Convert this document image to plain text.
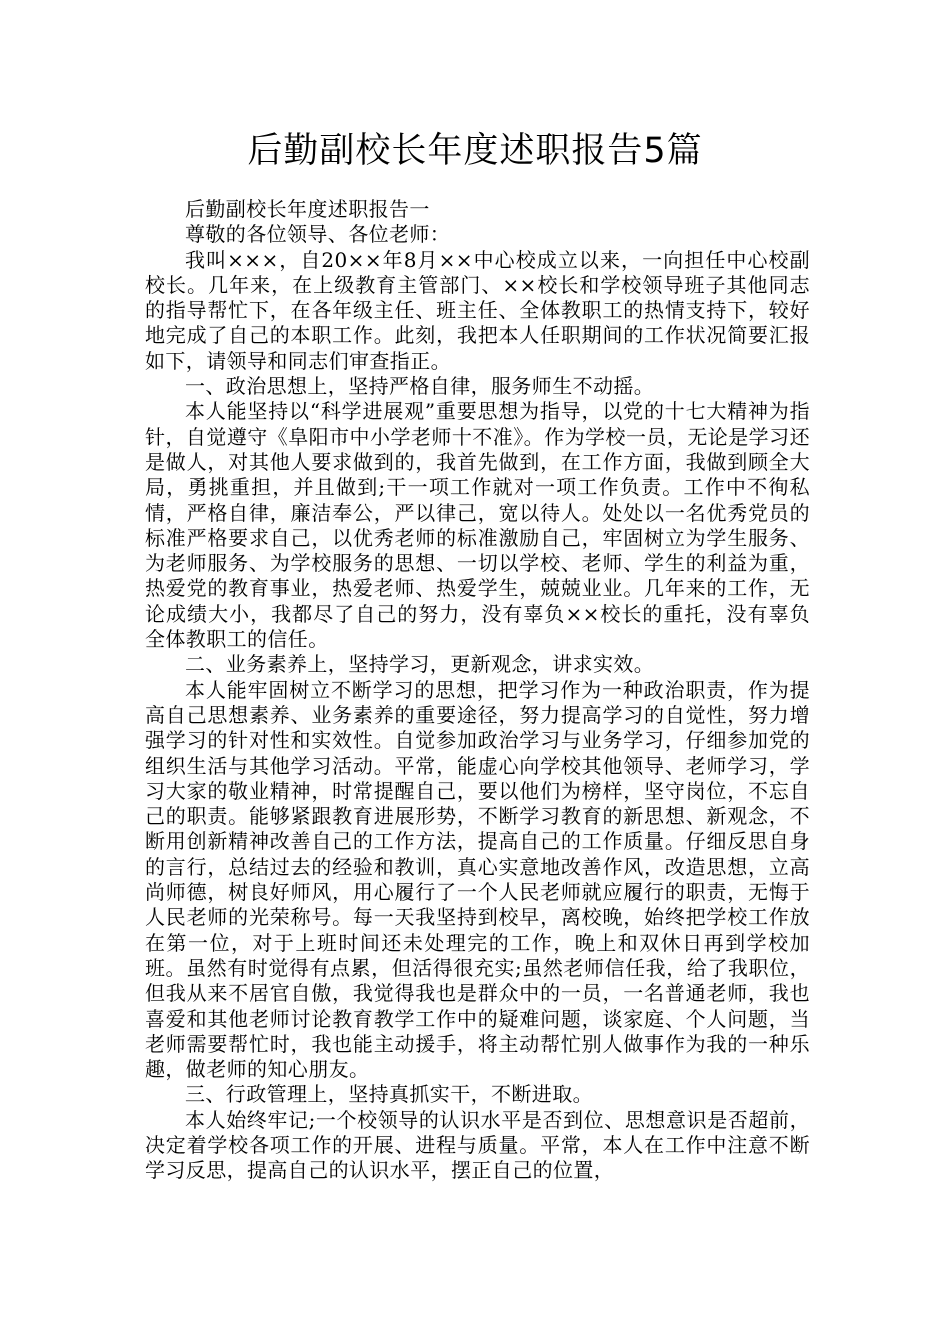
后勤副校长年度述职报告5篇

后勤副校长年度述职报告一

尊敬的各位领导、各位老师：

我叫×××，自20××年8月××中心校成立以来，一向担任中心校副校长。几年来，在上级教育主管部门、××校长和学校领导班子其他同志的指导帮忙下，在各年级主任、班主任、全体教职工的热情支持下，较好地完成了自己的本职工作。此刻，我把本人任职期间的工作状况简要汇报如下，请领导和同志们审查指正。

一、政治思想上，坚持严格自律，服务师生不动摇。

本人能坚持以“科学进展观”重要思想为指导，以党的十七大精神为指针，自觉遵守《阜阳市中小学老师十不准》。作为学校一员，无论是学习还是做人，对其他人要求做到的，我首先做到，在工作方面，我做到顾全大局，勇挑重担，并且做到;干一项工作就对一项工作负责。工作中不徇私情，严格自律，廉洁奉公，严以律己，宽以待人。处处以一名优秀党员的标准严格要求自己，以优秀老师的标准激励自己，牢固树立为学生服务、为老师服务、为学校服务的思想、一切以学校、老师、学生的利益为重，热爱党的教育事业，热爱老师、热爱学生，兢兢业业。几年来的工作，无论成绩大小，我都尽了自己的努力，没有辜负××校长的重托，没有辜负全体教职工的信任。

二、业务素养上，坚持学习，更新观念，讲求实效。

本人能牢固树立不断学习的思想，把学习作为一种政治职责，作为提高自己思想素养、业务素养的重要途径，努力提高学习的自觉性，努力增强学习的针对性和实效性。自觉参加政治学习与业务学习，仔细参加党的组织生活与其他学习活动。平常，能虚心向学校其他领导、老师学习，学习大家的敬业精神，时常提醒自己，要以他们为榜样，坚守岗位，不忘自己的职责。能够紧跟教育进展形势，不断学习教育的新思想、新观念，不断用创新精神改善自己的工作方法，提高自己的工作质量。仔细反思自身的言行，总结过去的经验和教训，真心实意地改善作风，改造思想，立高尚师德，树良好师风，用心履行了一个人民老师就应履行的职责，无悔于人民老师的光荣称号。每一天我坚持到校早，离校晚，始终把学校工作放在第一位，对于上班时间还未处理完的工作，晚上和双休日再到学校加班。虽然有时觉得有点累，但活得很充实;虽然老师信任我，给了我职位，但我从来不居官自傲，我觉得我也是群众中的一员，一名普通老师，我也喜爱和其他老师讨论教育教学工作中的疑难问题，谈家庭、个人问题，当老师需要帮忙时，我也能主动援手，将主动帮忙别人做事作为我的一种乐趣，做老师的知心朋友。

三、行政管理上，坚持真抓实干，不断进取。

本人始终牢记;一个校领导的认识水平是否到位、思想意识是否超前，决定着学校各项工作的开展、进程与质量。平常，本人在工作中注意不断学习反思，提高自己的认识水平，摆正自己的位置，
